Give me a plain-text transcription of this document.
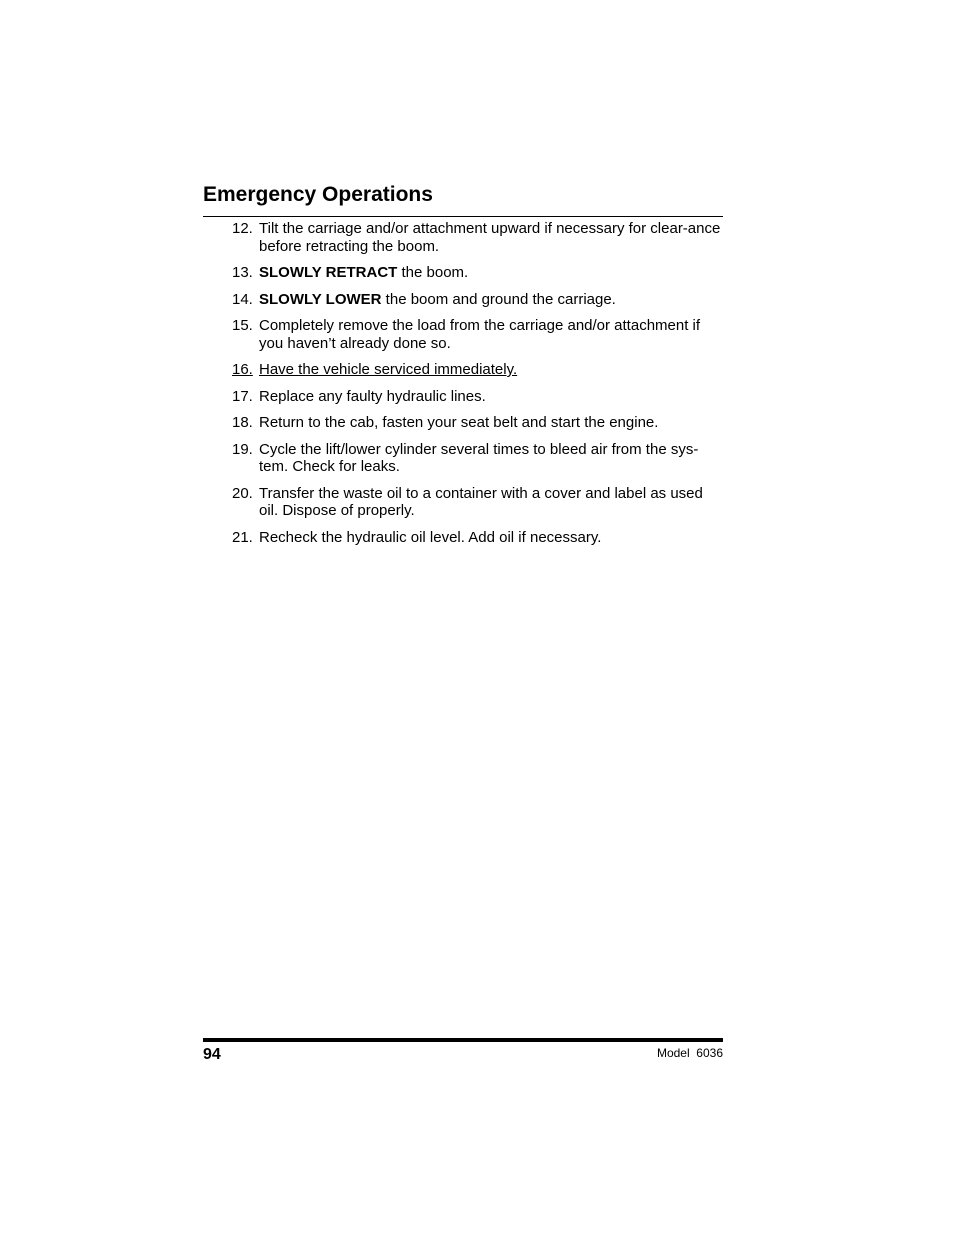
Emergency Operations
12. Tilt the carriage and/or attachment upward if necessary for clear-ance before retracting the boom.
13. SLOWLY RETRACT the boom.
14. SLOWLY LOWER the boom and ground the carriage.
15. Completely remove the load from the carriage and/or attachment if you haven’t already done so.
16. Have the vehicle serviced immediately.
17. Replace any faulty hydraulic lines.
18. Return to the cab, fasten your seat belt and start the engine.
19. Cycle the lift/lower cylinder several times to bleed air from the sys-tem. Check for leaks.
20. Transfer the waste oil to a container with a cover and label as used oil. Dispose of properly.
21. Recheck the hydraulic oil level. Add oil if necessary.
94	Model  6036
